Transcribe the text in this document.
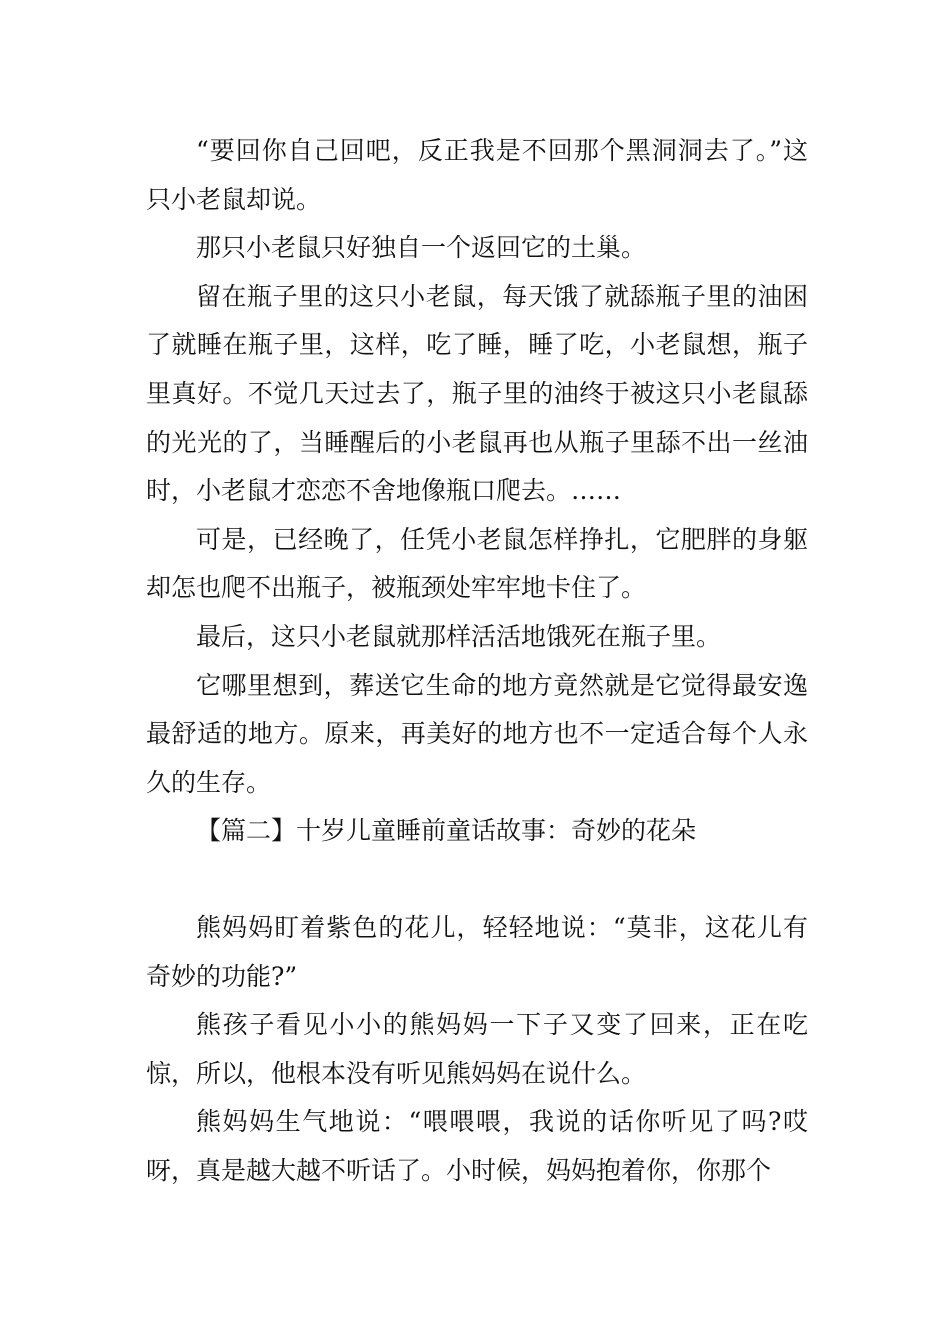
“要回你自己回吧，反正我是不回那个黑洞洞去了。”这只小老鼠却说。

那只小老鼠只好独自一个返回它的土巢。

留在瓶子里的这只小老鼠，每天饿了就舔瓶子里的油困了就睡在瓶子里，这样，吃了睡，睡了吃，小老鼠想，瓶子里真好。不觉几天过去了，瓶子里的油终于被这只小老鼠舔的光光的了，当睡醒后的小老鼠再也从瓶子里舔不出一丝油时，小老鼠才恋恋不舍地像瓶口爬去。……

可是，已经晚了，任凭小老鼠怎样挣扎，它肥胖的身躯却怎也爬不出瓶子，被瓶颈处牢牢地卡住了。

最后，这只小老鼠就那样活活地饿死在瓶子里。

它哪里想到，葬送它生命的地方竟然就是它觉得最安逸最舒适的地方。原来，再美好的地方也不一定适合每个人永久的生存。

【篇二】十岁儿童睡前童话故事：奇妙的花朵

熊妈妈盯着紫色的花儿，轻轻地说：“莫非，这花儿有奇妙的功能?”

熊孩子看见小小的熊妈妈一下子又变了回来，正在吃惊，所以，他根本没有听见熊妈妈在说什么。

熊妈妈生气地说：“喂喂喂，我说的话你听见了吗?哎呀，真是越大越不听话了。小时候，妈妈抱着你，你那个
